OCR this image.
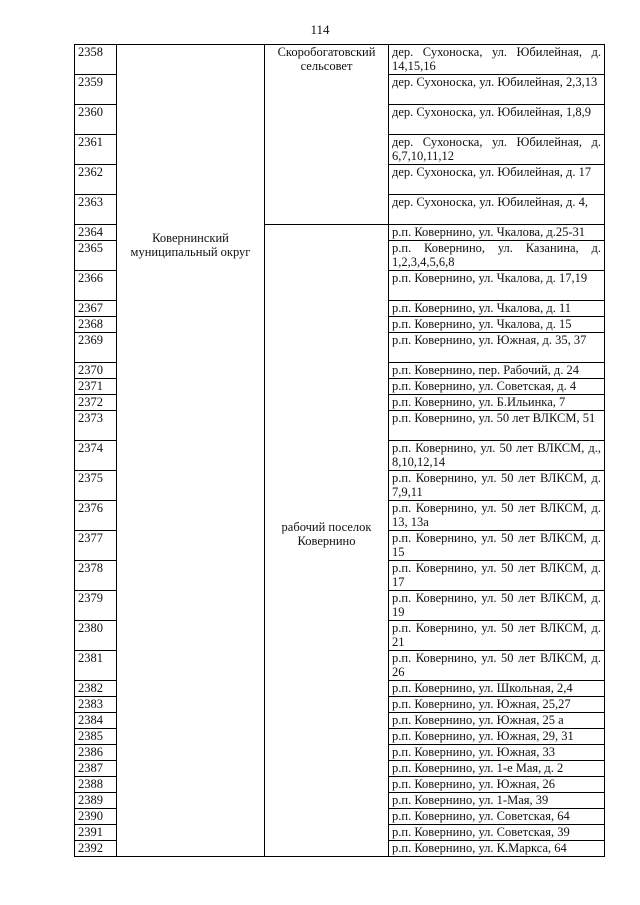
114
2358	Ковернинский муниципальный округ	Скоробогатовский сельсовет	дер. Сухоноска, ул. Юбилейная, д. 14,15,16
2359			дер. Сухоноска, ул. Юбилейная, 2,3,13
2360			дер. Сухоноска, ул. Юбилейная, 1,8,9
2361			дер. Сухоноска, ул. Юбилейная, д. 6,7,10,11,12
2362			дер. Сухоноска, ул. Юбилейная, д. 17
2363			дер. Сухоноска, ул. Юбилейная, д. 4,
2364		рабочий поселок Ковернино	р.п. Ковернино, ул. Чкалова, д.25-31
2365			р.п. Ковернино, ул. Казанина, д. 1,2,3,4,5,6,8
2366			р.п. Ковернино, ул. Чкалова, д. 17,19
2367			р.п. Ковернино, ул. Чкалова, д. 11
2368			р.п. Ковернино, ул. Чкалова, д. 15
2369			р.п. Ковернино, ул. Южная, д. 35, 37
2370			р.п. Ковернино, пер. Рабочий, д. 24
2371			р.п. Ковернино, ул. Советская, д. 4
2372			р.п. Ковернино, ул. Б.Ильинка, 7
2373			р.п. Ковернино, ул. 50 лет ВЛКСМ, 51
2374			р.п. Ковернино, ул. 50 лет ВЛКСМ, д., 8,10,12,14
2375			р.п. Ковернино, ул. 50 лет ВЛКСМ, д. 7,9,11
2376			р.п. Ковернино, ул. 50 лет ВЛКСМ, д. 13, 13а
2377			р.п. Ковернино, ул. 50 лет ВЛКСМ, д. 15
2378			р.п. Ковернино, ул. 50 лет ВЛКСМ, д. 17
2379			р.п. Ковернино, ул. 50 лет ВЛКСМ, д. 19
2380			р.п. Ковернино, ул. 50 лет ВЛКСМ, д. 21
2381			р.п. Ковернино, ул. 50 лет ВЛКСМ, д. 26
2382			р.п. Ковернино, ул. Школьная, 2,4
2383			р.п. Ковернино, ул. Южная, 25,27
2384			р.п. Ковернино, ул. Южная, 25 а
2385			р.п. Ковернино, ул. Южная, 29, 31
2386			р.п. Ковернино, ул. Южная, 33
2387			р.п. Ковернино, ул. 1-е Мая, д. 2
2388			р.п. Ковернино, ул. Южная, 26
2389			р.п. Ковернино, ул. 1-Мая, 39
2390			р.п. Ковернино, ул. Советская, 64
2391			р.п. Ковернино, ул. Советская, 39
2392			р.п. Ковернино, ул. К.Маркса, 64
